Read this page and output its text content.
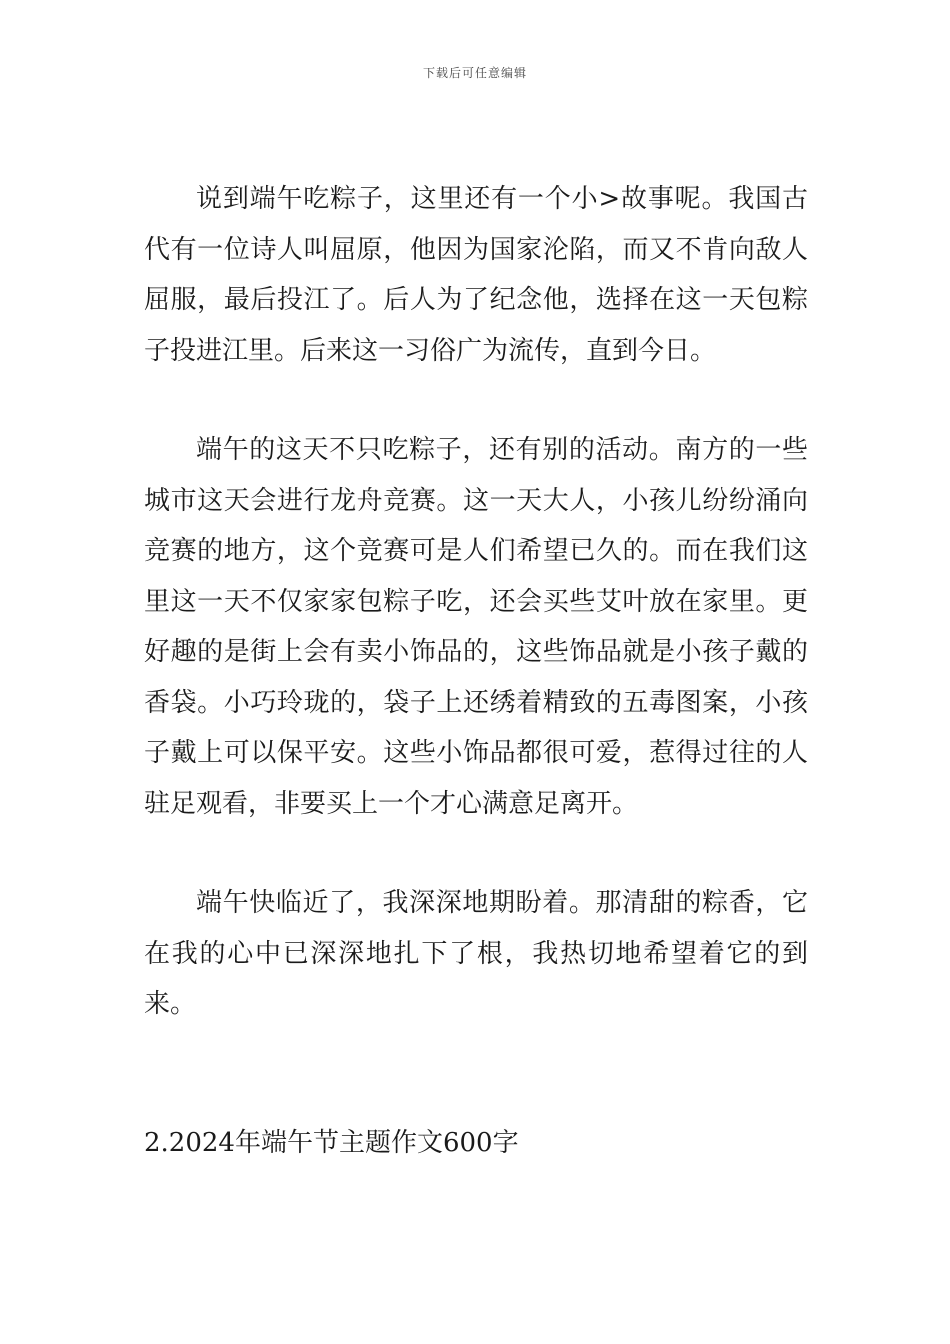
下载后可任意编辑

说到端午吃粽子，这里还有一个小>故事呢。我国古代有一位诗人叫屈原，他因为国家沦陷，而又不肯向敌人屈服，最后投江了。后人为了纪念他，选择在这一天包粽子投进江里。后来这一习俗广为流传，直到今日。

端午的这天不只吃粽子，还有别的活动。南方的一些城市这天会进行龙舟竞赛。这一天大人，小孩儿纷纷涌向竞赛的地方，这个竞赛可是人们希望已久的。而在我们这里这一天不仅家家包粽子吃，还会买些艾叶放在家里。更好趣的是街上会有卖小饰品的，这些饰品就是小孩子戴的香袋。小巧玲珑的，袋子上还绣着精致的五毒图案，小孩子戴上可以保平安。这些小饰品都很可爱，惹得过往的人驻足观看，非要买上一个才心满意足离开。

端午快临近了，我深深地期盼着。那清甜的粽香，它在我的心中已深深地扎下了根，我热切地希望着它的到来。

2.2024年端午节主题作文600字
